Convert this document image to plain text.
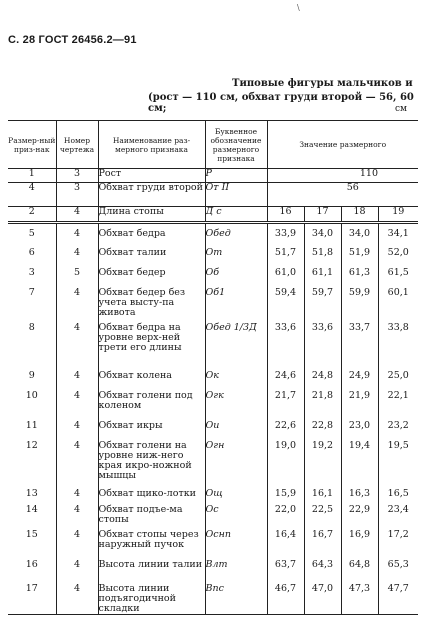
\
С. 28 ГОСТ 26456.2—91
Типовые фигуры мальчиков и
(рост — 110 см, обхват груди второй — 56, 60 см;	см
Размер-ный приз-нак	Номер чертежа	Наименование раз-мерного признака	Буквенное обозначение размерного признака	Значение размерного			
1	3	Рост	Р	110			
4	3	Обхват груди второй	Оᴛ II	56			
2	4	Длина стопы	Д с	16	17	18	19
5	4	Обхват бедра	Обед	33,9	34,0	34,0	34,1
6	4	Обхват талии	От	51,7	51,8	51,9	52,0
3	5	Обхват бедер	Об	61,0	61,1	61,3	61,5
7	4	Обхват бедер без учета высту-па живота	Об1	59,4	59,7	59,9	60,1
8	4	Обхват бедра на уровне верх-ней трети его длины	Обед 1/3Д	33,6	33,6	33,7	33,8
9	4	Обхват колена	Ок	24,6	24,8	24,9	25,0
10	4	Обхват голени под коленом	Огк	21,7	21,8	21,9	22,1
11	4	Обхват икры	Ои	22,6	22,8	23,0	23,2
12	4	Обхват голени на уровне ниж-него края икро-ножной мышцы	Огн	19,0	19,2	19,4	19,5
13	4	Обхват щико-лотки	Ощ	15,9	16,1	16,3	16,5
14	4	Обхват подъе-ма стопы	Ос	22,0	22,5	22,9	23,4
15	4	Обхват стопы через наружный пучок	Оснп	16,4	16,7	16,9	17,2
16	4	Высота линии талии	Влт	63,7	64,3	64,8	65,3
17	4	Высота линии подъягодичной складки	Впс	46,7	47,0	47,3	47,7
